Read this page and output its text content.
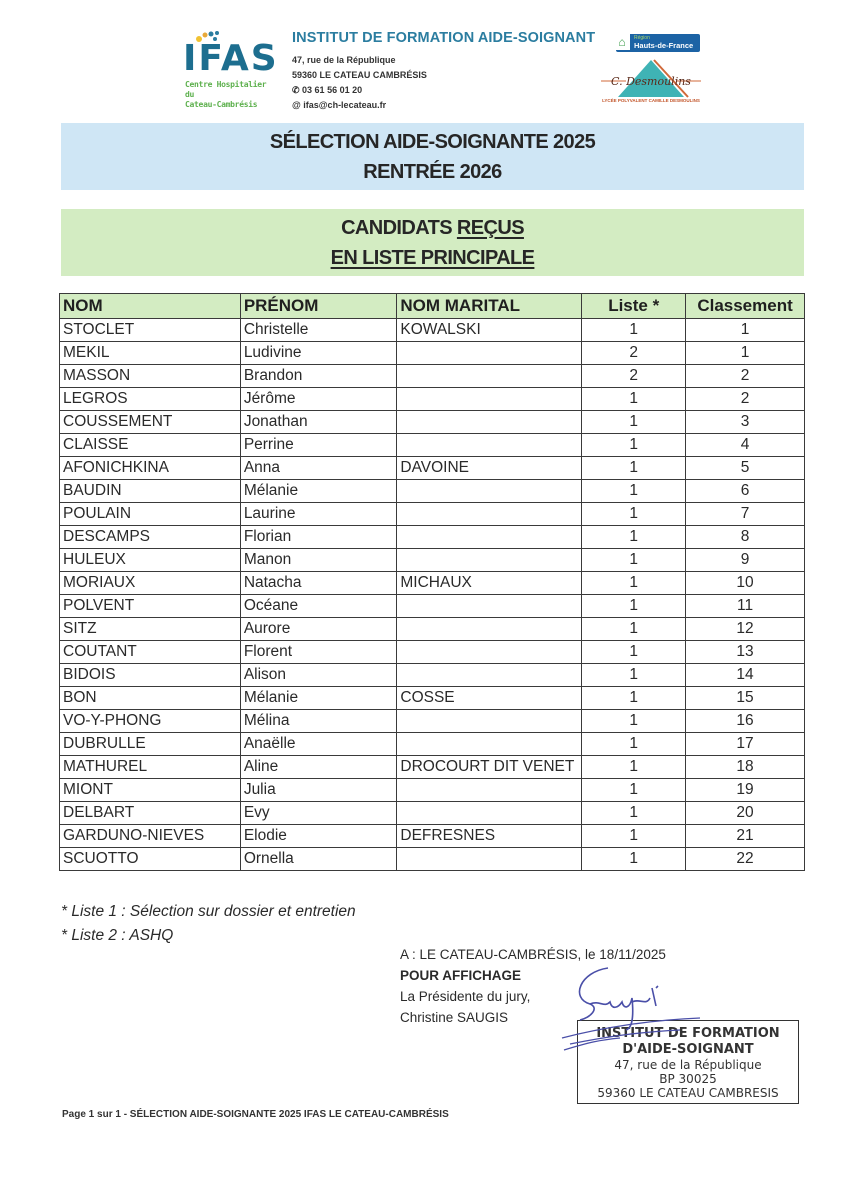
IFAS
Centre Hospitalier du
Cateau-Cambrésis
INSTITUT DE FORMATION AIDE-SOIGNANT
47, rue de la République
59360 LE CATEAU CAMBRÉSIS
✆ 03 61 56 01 20
@ ifas@ch-lecateau.fr
⌂	Région
Hauts-de-France
C. Desmoulins
LYCÉE POLYVALENT CAMILLE DESMOULINS
SÉLECTION AIDE-SOIGNANTE 2025
RENTRÉE 2026
CANDIDATS REÇUS
EN LISTE PRINCIPALE
NOM	PRÉNOM	NOM MARITAL	Liste *	Classement
STOCLET	Christelle	KOWALSKI	1	1
MEKIL	Ludivine		2	1
MASSON	Brandon		2	2
LEGROS	Jérôme		1	2
COUSSEMENT	Jonathan		1	3
CLAISSE	Perrine		1	4
AFONICHKINA	Anna	DAVOINE	1	5
BAUDIN	Mélanie		1	6
POULAIN	Laurine		1	7
DESCAMPS	Florian		1	8
HULEUX	Manon		1	9
MORIAUX	Natacha	MICHAUX	1	10
POLVENT	Océane		1	11
SITZ	Aurore		1	12
COUTANT	Florent		1	13
BIDOIS	Alison		1	14
BON	Mélanie	COSSE	1	15
VO-Y-PHONG	Mélina		1	16
DUBRULLE	Anaëlle		1	17
MATHUREL	Aline	DROCOURT DIT VENET	1	18
MIONT	Julia		1	19
DELBART	Evy		1	20
GARDUNO-NIEVES	Elodie	DEFRESNES	1	21
SCUOTTO	Ornella		1	22
* Liste 1 : Sélection sur dossier et entretien
* Liste 2 : ASHQ
A : LE CATEAU-CAMBRÉSIS, le 18/11/2025
POUR AFFICHAGE
La Présidente du jury,
Christine SAUGIS
INSTITUT DE FORMATION
D'AIDE-SOIGNANT
47, rue de la République
BP 30025
59360 LE CATEAU CAMBRESIS
Page 1 sur 1 - SÉLECTION AIDE-SOIGNANTE 2025 IFAS LE CATEAU-CAMBRÉSIS
